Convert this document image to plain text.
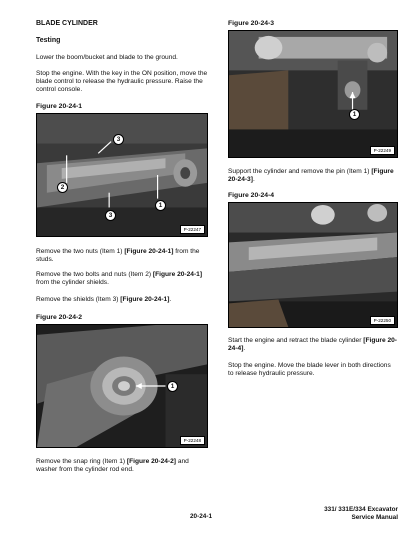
BLADE CYLINDER

Testing

Lower the boom/bucket and blade to the ground.

Stop the engine. With the key in the ON position, move the blade control to release the hydraulic pressure. Raise the control console.

Figure 20-24-1

3
2
3
1
P-22247

Remove the two nuts (Item 1) [Figure 20-24-1] from the studs.

Remove the two bolts and nuts (Item 2) [Figure 20-24-1] from the cylinder shields.

Remove the shields (Item 3) [Figure 20-24-1].

Figure 20-24-2

1
P-22248

Remove the snap ring (Item 1) [Figure 20-24-2] and washer from the cylinder rod end.

Figure 20-24-3

1
P-22249

Support the cylinder and remove the pin (Item 1) [Figure 20-24-3].

Figure 20-24-4

P-22250

Start the engine and retract the blade cylinder [Figure 20-24-4].

Stop the engine. Move the blade lever in both directions to release hydraulic pressure.

20-24-1

331/ 331E/334 Excavator

Service Manual
